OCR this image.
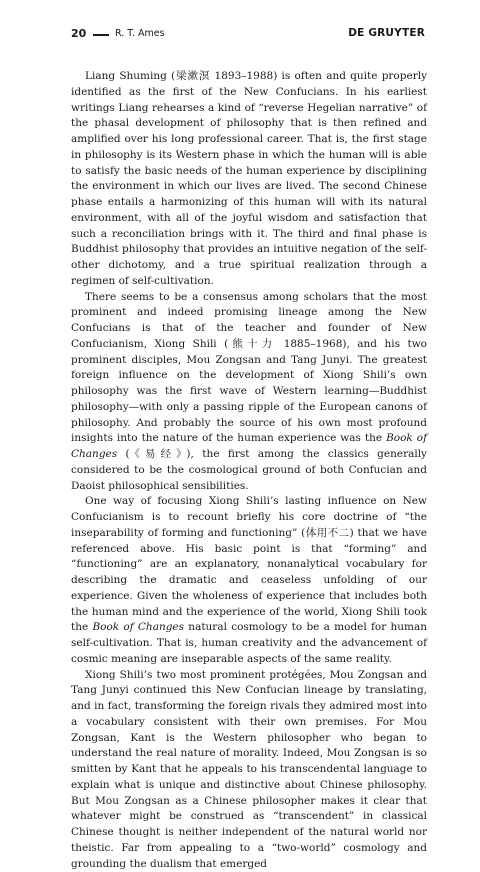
20	R. T. Ames	DE GRUYTER

Liang Shuming (梁漱溟 1893–1988) is often and quite properly identified as the first of the New Confucians. In his earliest writings Liang rehearses a kind of “reverse Hegelian narrative” of the phasal development of philosophy that is then refined and amplified over his long professional career. That is, the first stage in philosophy is its Western phase in which the human will is able to satisfy the basic needs of the human experience by disciplining the environment in which our lives are lived. The second Chinese phase entails a harmonizing of this human will with its natural environment, with all of the joyful wisdom and satisfaction that such a reconciliation brings with it. The third and final phase is Buddhist philosophy that provides an intuitive negation of the self-other dichotomy, and a true spiritual realization through a regimen of self-cultivation.

There seems to be a consensus among scholars that the most prominent and indeed promising lineage among the New Confucians is that of the teacher and founder of New Confucianism, Xiong Shili (熊十力 1885–1968), and his two prominent disciples, Mou Zongsan and Tang Junyi. The greatest foreign influence on the development of Xiong Shili’s own philosophy was the first wave of Western learning—Buddhist philosophy—with only a passing ripple of the European canons of philosophy. And probably the source of his own most profound insights into the nature of the human experience was the Book of Changes (《易经》), the first among the classics generally considered to be the cosmological ground of both Confucian and Daoist philosophical sensibilities.

One way of focusing Xiong Shili’s lasting influence on New Confucianism is to recount briefly his core doctrine of “the inseparability of forming and functioning” (体用不二) that we have referenced above. His basic point is that “forming” and “functioning” are an explanatory, nonanalytical vocabulary for describing the dramatic and ceaseless unfolding of our experience. Given the wholeness of experience that includes both the human mind and the experience of the world, Xiong Shili took the Book of Changes natural cosmology to be a model for human self-cultivation. That is, human creativity and the advancement of cosmic meaning are inseparable aspects of the same reality.

Xiong Shili’s two most prominent protégées, Mou Zongsan and Tang Junyi continued this New Confucian lineage by translating, and in fact, transforming the foreign rivals they admired most into a vocabulary consistent with their own premises. For Mou Zongsan, Kant is the Western philosopher who began to understand the real nature of morality. Indeed, Mou Zongsan is so smitten by Kant that he appeals to his transcendental language to explain what is unique and distinctive about Chinese philosophy. But Mou Zongsan as a Chinese philosopher makes it clear that whatever might be construed as “transcendent” in classical Chinese thought is neither independent of the natural world nor theistic. Far from appealing to a “two-world” cosmology and grounding the dualism that emerged
